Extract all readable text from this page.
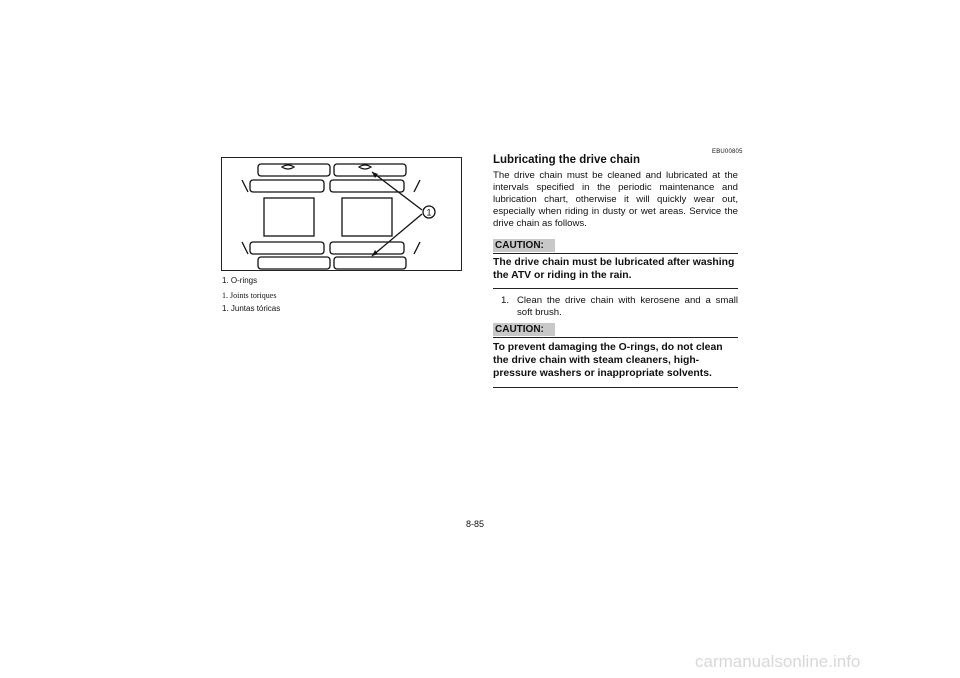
1
1. O-rings
1. Joints toriques
1. Juntas tóricas
EBU00805
Lubricating the drive chain
The drive chain must be cleaned and lubricated at the intervals specified in the periodic maintenance and lubrication chart, otherwise it will quickly wear out, especially when riding in dusty or wet areas. Service the drive chain as follows.
CAUTION:
The drive chain must be lubricated after washing the ATV or riding in the rain.
1. Clean the drive chain with kerosene and a small soft brush.
CAUTION:
To prevent damaging the O-rings, do not clean the drive chain with steam cleaners, high-pressure washers or inappropriate solvents.
8-85
carmanualsonline.info
